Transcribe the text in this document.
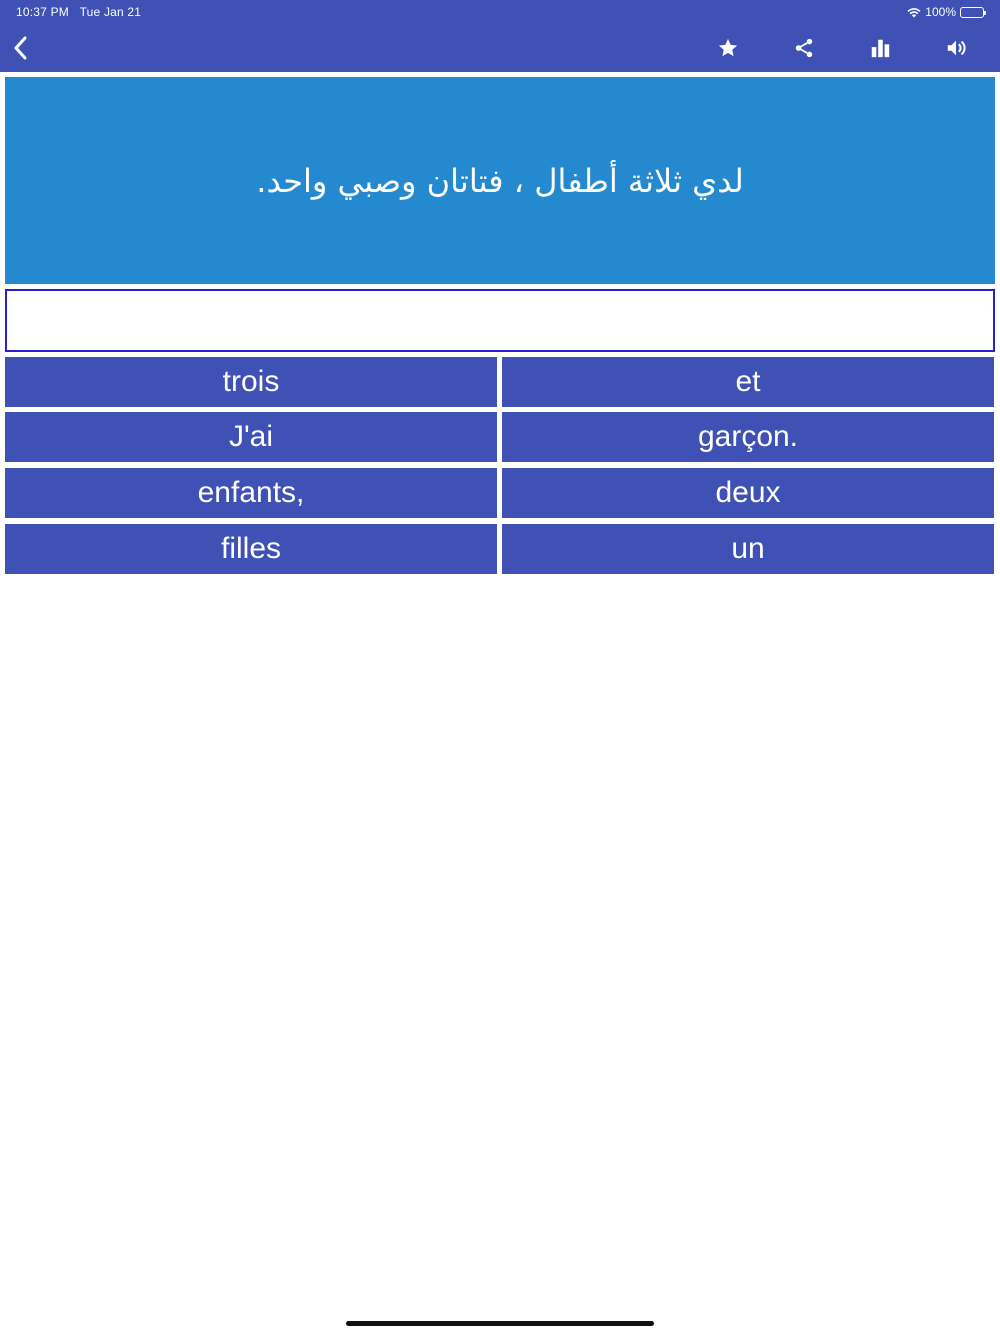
10:37 PM Tue Jan 21	100%
لدي ثلاثة أطفال ، فتاتان وصبي واحد.
trois	et
J'ai	garçon.
enfants,	deux
filles	un
